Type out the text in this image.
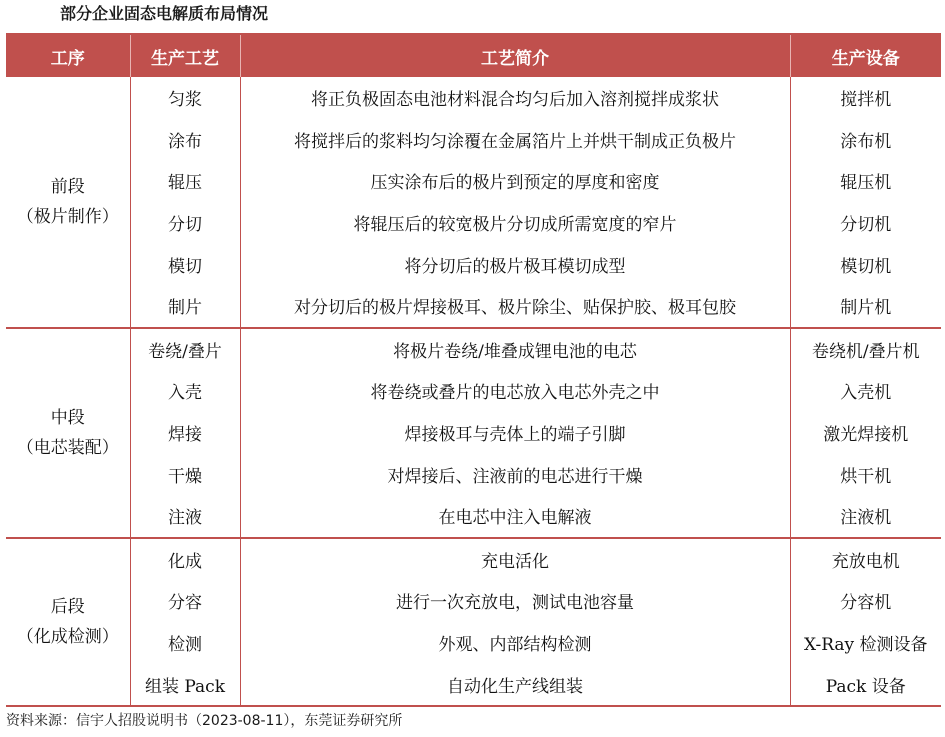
部分企业固态电解质布局情况
工序	生产工艺	工艺简介	生产设备

前段
（极片制作）	匀浆	将正负极固态电池材料混合均匀后加入溶剂搅拌成浆状	搅拌机
	涂布	将搅拌后的浆料均匀涂覆在金属箔片上并烘干制成正负极片	涂布机
	辊压	压实涂布后的极片到预定的厚度和密度	辊压机
	分切	将辊压后的较宽极片分切成所需宽度的窄片	分切机
	模切	将分切后的极片极耳模切成型	模切机
	制片	对分切后的极片焊接极耳、极片除尘、贴保护胶、极耳包胶	制片机

中段
（电芯装配）	卷绕/叠片	将极片卷绕/堆叠成锂电池的电芯	卷绕机/叠片机
	入壳	将卷绕或叠片的电芯放入电芯外壳之中	入壳机
	焊接	焊接极耳与壳体上的端子引脚	激光焊接机
	干燥	对焊接后、注液前的电芯进行干燥	烘干机
	注液	在电芯中注入电解液	注液机

后段
（化成检测）	化成	充电活化	充放电机
	分容	进行一次充放电，测试电池容量	分容机
	检测	外观、内部结构检测	X-Ray 检测设备
	组装 Pack	自动化生产线组装	Pack 设备
资料来源：信宇人招股说明书（2023-08-11），东莞证券研究所
